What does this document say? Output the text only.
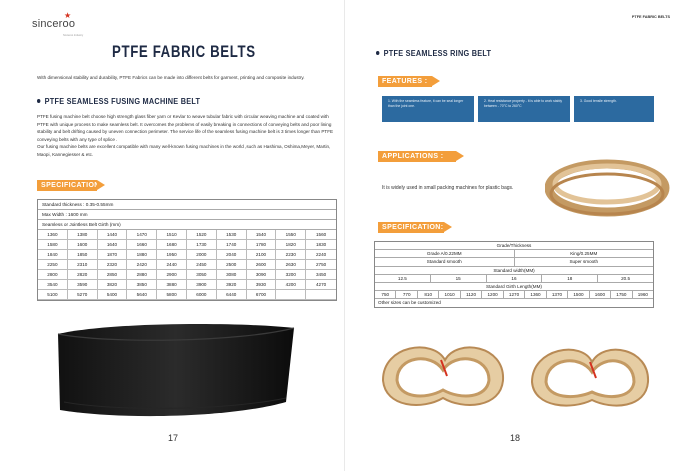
sinceroo
★
Sinceroo Industry
PTFE FABRIC BELTS
With dimensional stability and durability, PTFE Fabrics can be made into different belts for garment, printing and composite industry.
PTFE SEAMLESS FUSING MACHINE BELT
PTFE fusing machine belt choose high strength glass fiber yarn or Kevlar to weave tubular fabric with circular weaving machine and coated with PTFE with unique process to make seamless belt. It overcomes the problems of easily breaking in connections of conveying belts and poor lining stability and belt drifting caused by uneven connection perimeter. The service life of the seamless fusing machine belt is 3 times longer than PTFE conveying belts with any type of splice .
Our fusing machine belts are excellent compatible with many well-known fusing machines in the world ,such as Hashima, Oshima,Meyer, Martin, Maopi, Kannegiesser & etc.
SPECIFICATION:
Standard thickness : 0.35-0.55mm
Max Width : 1600 mm
Seamless or Jointless Belt Girth (mm)
1360	1380	1440	1470	1510	1520	1530	1540	1550	1560
1580	1600	1640	1660	1680	1730	1740	1780	1820	1830
1840	1850	1870	1880	1950	2000	2040	2100	2230	2240
2250	2310	2320	2420	2440	2450	2500	2600	2630	2750
2800	2820	2850	2880	2900	3050	3080	3090	3200	3450
3540	3590	3820	3850	3880	3900	3920	3930	4200	4270
5100	5270	5400	5640	5800	6000	6440	6700
17
PTFE FABRIC BELTS
PTFE SEAMLESS RING BELT
FEATURES :
1. With the seamless feature, it can be seal longer than the joint one.
2. Heat resistance property - It is able to work stably between - 70°C to 260°C
3. Good tensile strength.
APPLICATIONS :
It is widely used in small packing machines for plastic bags.
SPECIFICATION:
Grade/Thickness
Grade A/0.22MM	King/0.25MM
Standard smooth	Super smooth
Standard width(MM)
12.5	15	16	18	20.5
Standard Girth Length(MM)
750	770	810	1010	1120	1200	1270	1360	1370	1500	1600	1750	1960
Other sizes can be customized
18
